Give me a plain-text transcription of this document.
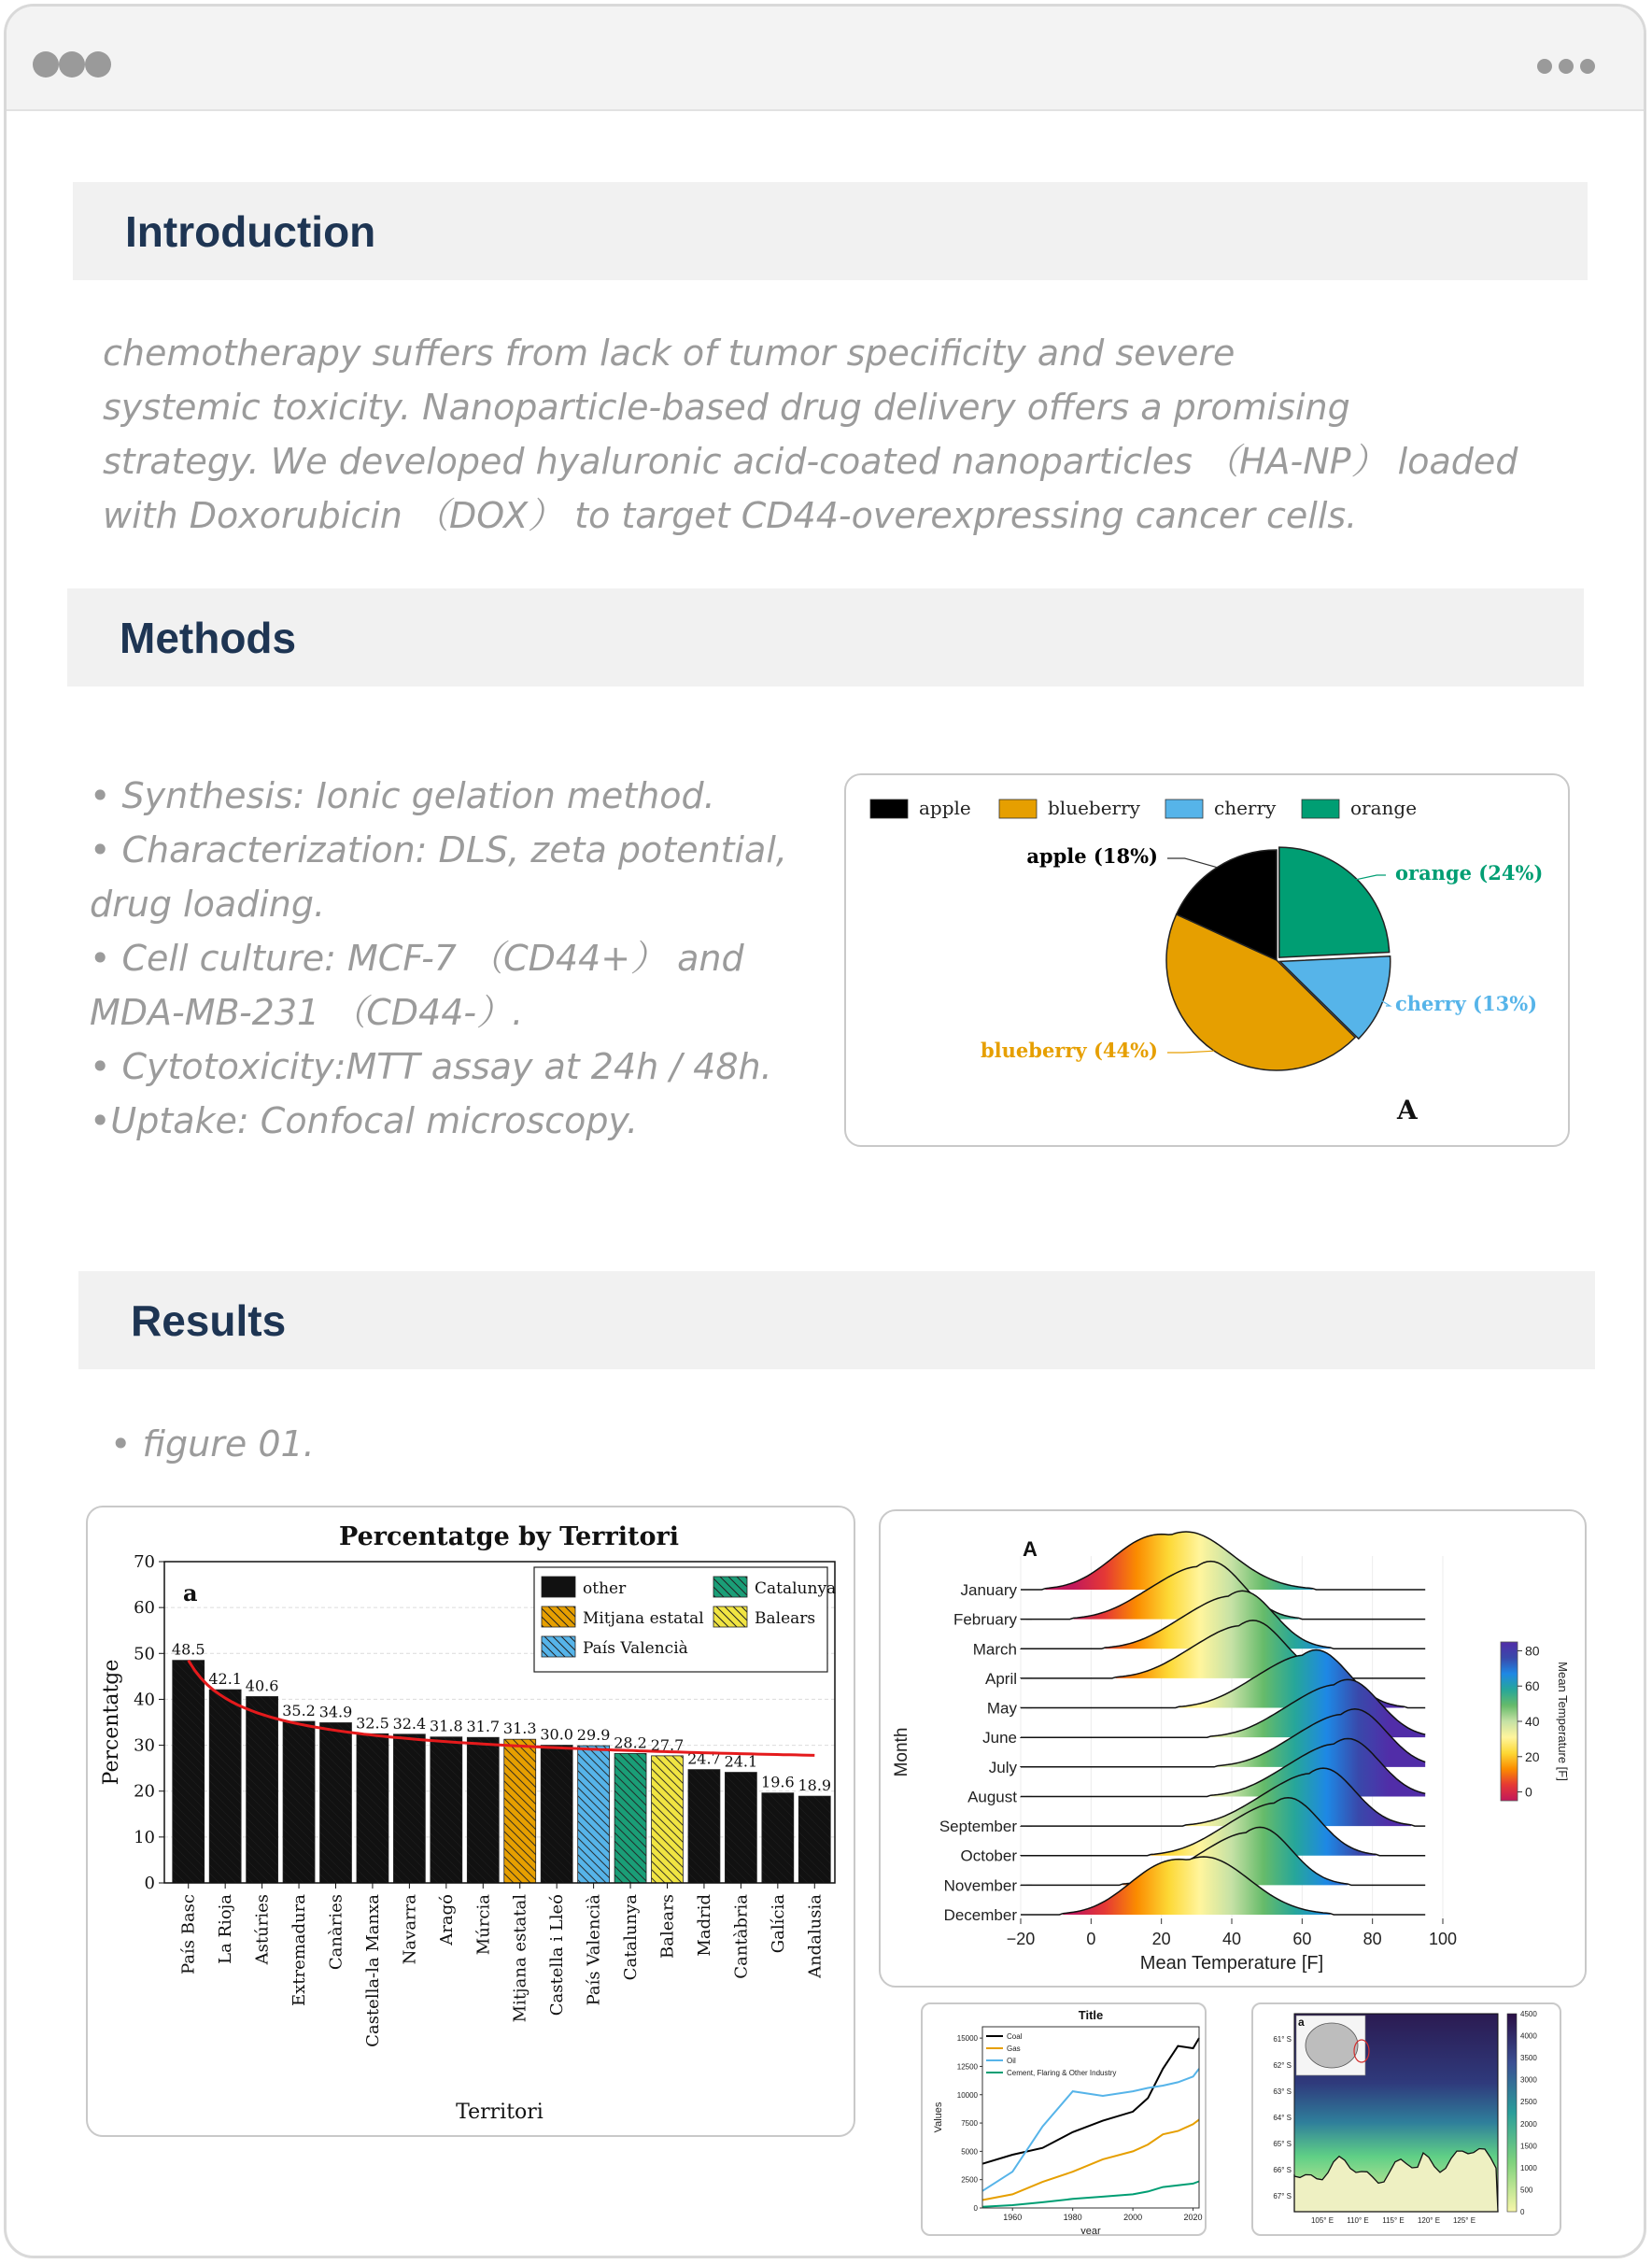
Introduction
chemotherapy suffers from lack of tumor specificity and severe
systemic toxicity. Nanoparticle-based drug delivery offers a promising
strategy. We developed hyaluronic acid-coated nanoparticles （HA-NP） loaded
with Doxorubicin （DOX） to target CD44-overexpressing cancer cells.
Methods
• Synthesis: Ionic gelation method.
• Characterization: DLS, zeta potential,
drug loading.
• Cell culture: MCF-7 （CD44+） and
MDA-MB-231 （CD44-）.
• Cytotoxicity:MTT assay at 24h / 48h.
•Uptake: Confocal microscopy.
apple	blueberry	cherry	orange
apple (18%)
blueberry (44%)
cherry (13%)
orange (24%)
A
Results
• figure 01.
Percentatge by Territori
0
10
20
30
40
50
60
70
48.5
País Basc
42.1
La Rioja
40.6
Astúries
35.2
Extremadura
34.9
Canàries
32.5
Castella-la Manxa
32.4
Navarra
31.8
Aragó
31.7
Múrcia
31.3
Mitjana estatal
30.0
Castella i Lleó
29.9
País Valencià
28.2
Catalunya
27.7
Balears
24.7
Madrid
24.1
Cantàbria
19.6
Galícia
18.9
Andalusia
Percentatge
Territori
a	other	Catalunya
Mitjana estatal	Balears
País Valencià
−20	0	20	40	60	80	100
January
February
March
April
May
June
July
August
September
October
November
December
Mean Temperature [F]
Month
A
0
20
40
60
80
Mean Temperature [F]
Title
0
2500
5000
7500
10000
12500
15000
1960	1980	2000	2020
year
Values
Coal
Gas
Oil
Cement, Flaring & Other Industry
a
61° S
62° S
63° S
64° S
65° S
66° S
67° S
105° E 110° E 115° E 120° E 125° E
0
500
1000
1500
2000
2500
3000
3500
4000
4500
